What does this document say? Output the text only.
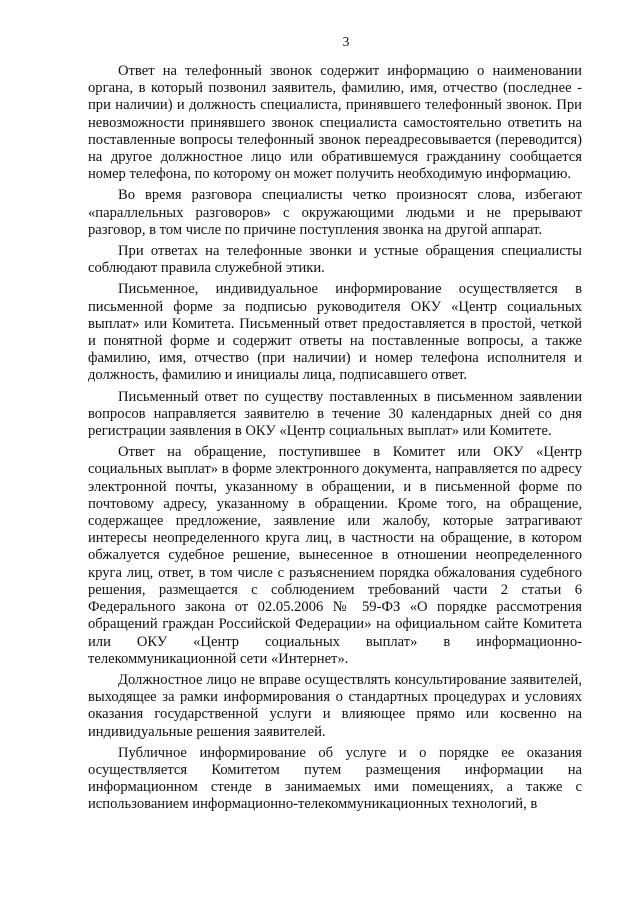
3

Ответ на телефонный звонок содержит информацию о наименовании органа, в который позвонил заявитель, фамилию, имя, отчество (последнее - при наличии) и должность специалиста, принявшего телефонный звонок. При невозможности принявшего звонок специалиста самостоятельно ответить на поставленные вопросы телефонный звонок переадресовывается (переводится) на другое должностное лицо или обратившемуся гражданину сообщается номер телефона, по которому он может получить необходимую информацию.

Во время разговора специалисты четко произносят слова, избегают «параллельных разговоров» с окружающими людьми и не прерывают разговор, в том числе по причине поступления звонка на другой аппарат.

При ответах на телефонные звонки и устные обращения специалисты соблюдают правила служебной этики.

Письменное, индивидуальное информирование осуществляется в письменной форме за подписью руководителя ОКУ «Центр социальных выплат» или Комитета. Письменный ответ предоставляется в простой, четкой и понятной форме и содержит ответы на поставленные вопросы, а также фамилию, имя, отчество (при наличии) и номер телефона исполнителя и должность, фамилию и инициалы лица, подписавшего ответ.

Письменный ответ по существу поставленных в письменном заявлении вопросов направляется заявителю в течение 30 календарных дней со дня регистрации заявления в ОКУ «Центр социальных выплат» или Комитете.

Ответ на обращение, поступившее в Комитет или ОКУ «Центр социальных выплат» в форме электронного документа, направляется по адресу электронной почты, указанному в обращении, и в письменной форме по почтовому адресу, указанному в обращении. Кроме того, на обращение, содержащее предложение, заявление или жалобу, которые затрагивают интересы неопределенного круга лиц, в частности на обращение, в котором обжалуется судебное решение, вынесенное в отношении неопределенного круга лиц, ответ, в том числе с разъяснением порядка обжалования судебного решения, размещается с соблюдением требований части 2 статьи 6 Федерального закона от 02.05.2006 № 59-ФЗ «О порядке рассмотрения обращений граждан Российской Федерации» на официальном сайте Комитета или ОКУ «Центр социальных выплат» в информационно-телекоммуникационной сети «Интернет».

Должностное лицо не вправе осуществлять консультирование заявителей, выходящее за рамки информирования о стандартных процедурах и условиях оказания государственной услуги и влияющее прямо или косвенно на индивидуальные решения заявителей.

Публичное информирование об услуге и о порядке ее оказания осуществляется Комитетом путем размещения информации на информационном стенде в занимаемых ими помещениях, а также с использованием информационно-телекоммуникационных технологий, в
